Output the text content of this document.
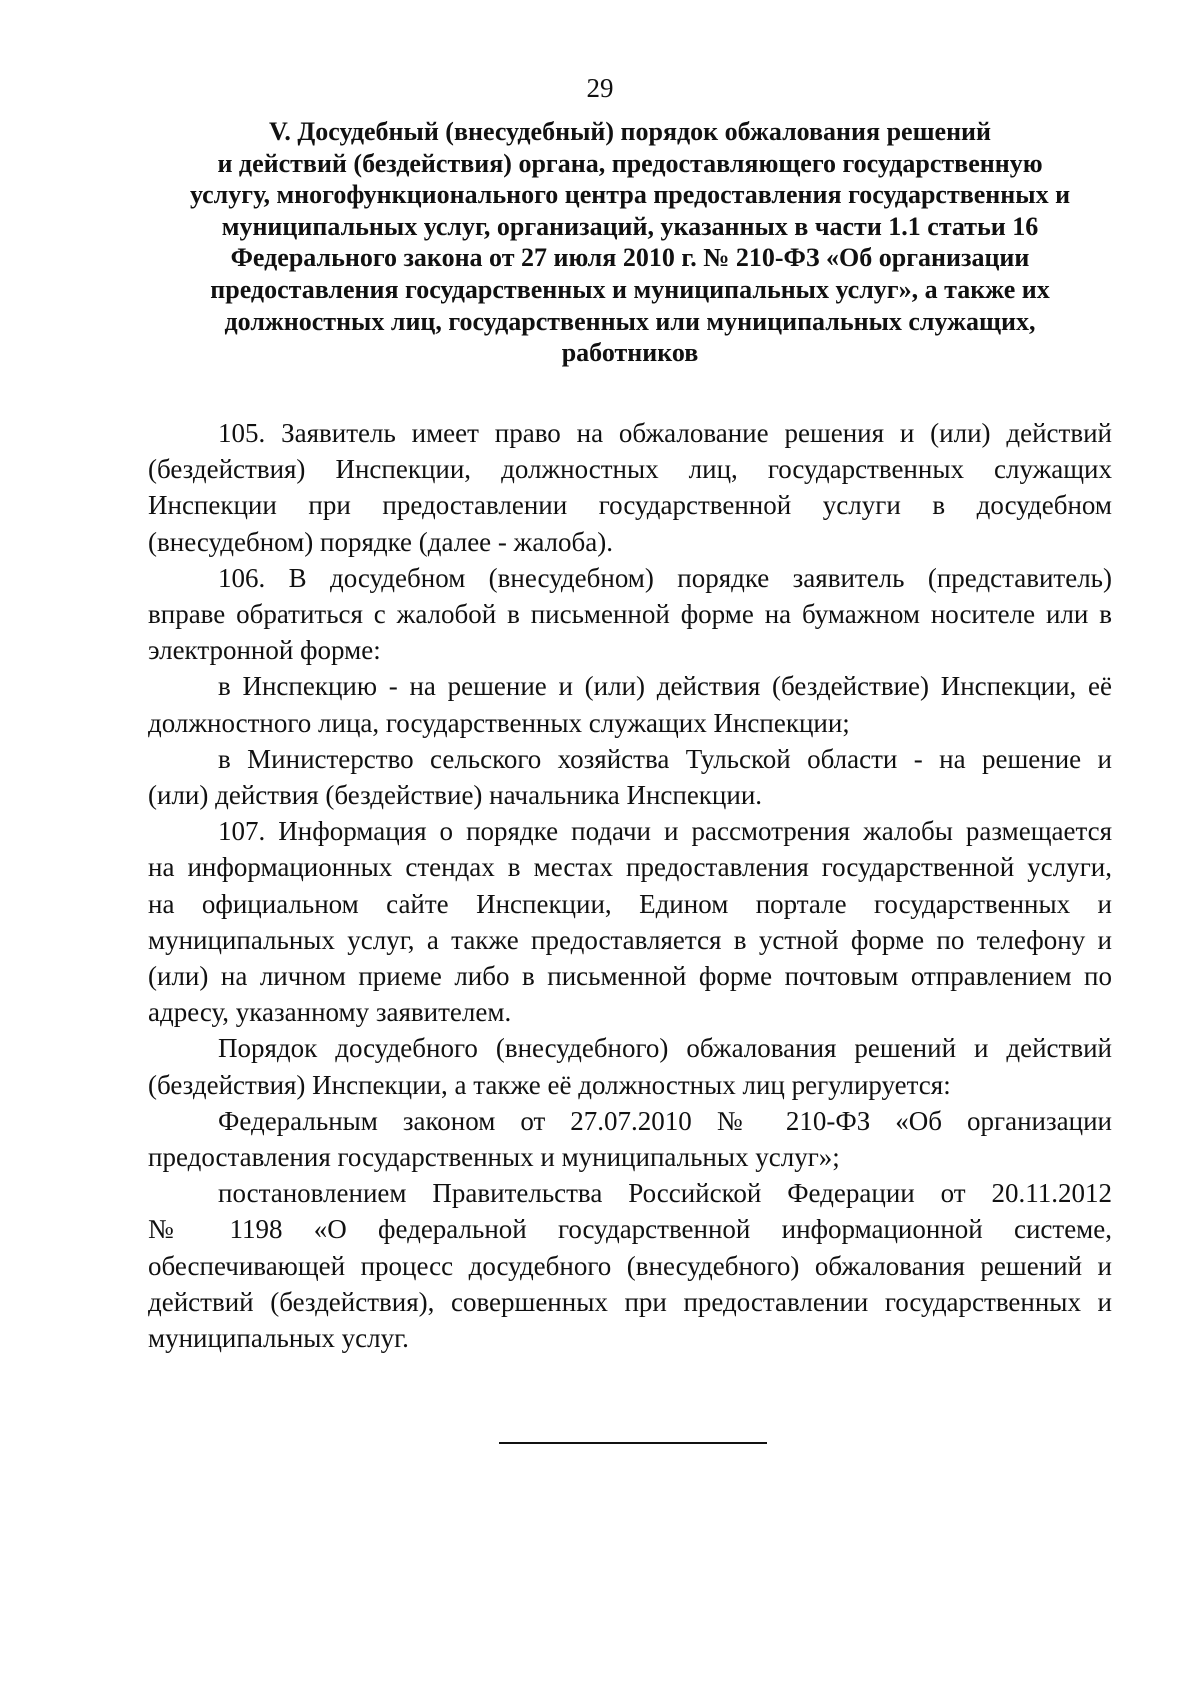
29
V. Досудебный (внесудебный) порядок обжалования решений
и действий (бездействия) органа, предоставляющего государственную
услугу, многофункционального центра предоставления государственных и
муниципальных услуг, организаций, указанных в части 1.1 статьи 16
Федерального закона от 27 июля 2010 г. № 210-ФЗ «Об организации
предоставления государственных и муниципальных услуг», а также их
должностных лиц, государственных или муниципальных служащих,
работников

105. Заявитель имеет право на обжалование решения и (или) действий
(бездействия) Инспекции, должностных лиц, государственных служащих
Инспекции при предоставлении государственной услуги в досудебном
(внесудебном) порядке (далее - жалоба).

106. В досудебном (внесудебном) порядке заявитель (представитель)
вправе обратиться с жалобой в письменной форме на бумажном носителе или в
электронной форме:

в Инспекцию - на решение и (или) действия (бездействие) Инспекции, её
должностного лица, государственных служащих Инспекции;

в Министерство сельского хозяйства Тульской области - на решение и
(или) действия (бездействие) начальника Инспекции.

107. Информация о порядке подачи и рассмотрения жалобы размещается
на информационных стендах в местах предоставления государственной услуги,
на официальном сайте Инспекции, Едином портале государственных и
муниципальных услуг, а также предоставляется в устной форме по телефону и
(или) на личном приеме либо в письменной форме почтовым отправлением по
адресу, указанному заявителем.

Порядок досудебного (внесудебного) обжалования решений и действий
(бездействия) Инспекции, а также её должностных лиц регулируется:

Федеральным законом от 27.07.2010 № 210-ФЗ «Об организации
предоставления государственных и муниципальных услуг»;

постановлением Правительства Российской Федерации от 20.11.2012
№ 1198 «О федеральной государственной информационной системе,
обеспечивающей процесс досудебного (внесудебного) обжалования решений и
действий (бездействия), совершенных при предоставлении государственных и
муниципальных услуг.
